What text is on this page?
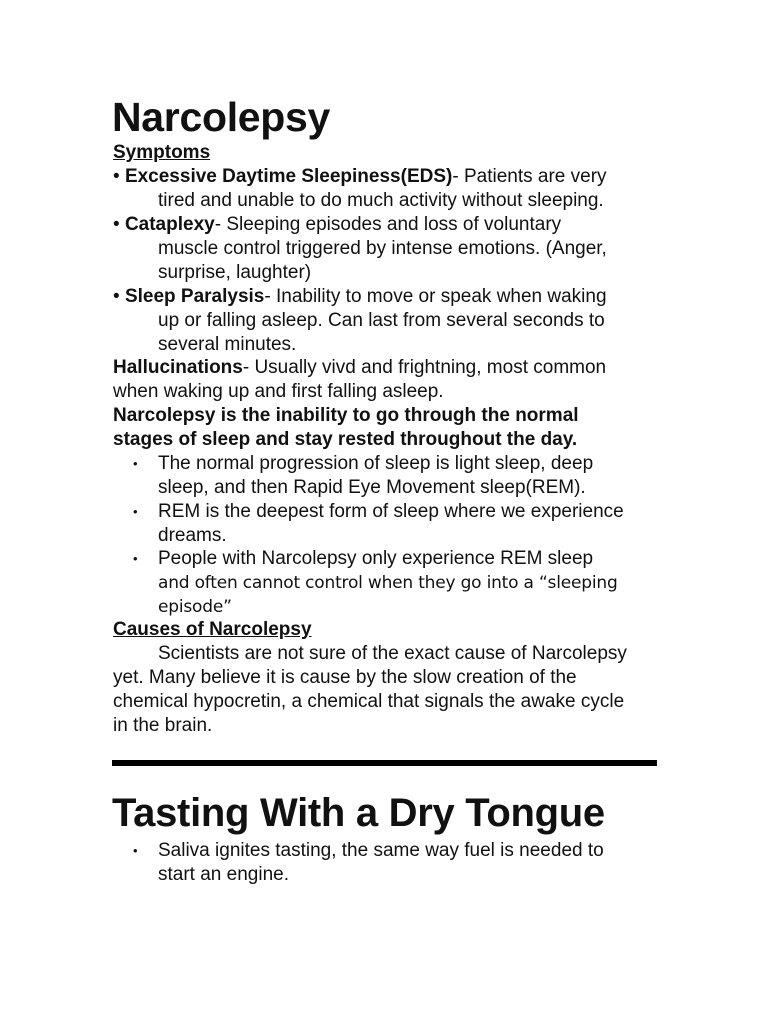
Narcolepsy
Symptoms
• Excessive Daytime Sleepiness(EDS)- Patients are very
tired and unable to do much activity without sleeping.
• Cataplexy- Sleeping episodes and loss of voluntary
muscle control triggered by intense emotions. (Anger,
surprise, laughter)
• Sleep Paralysis- Inability to move or speak when waking
up or falling asleep. Can last from several seconds to
several minutes.
Hallucinations- Usually vivd and frightning, most common
when waking up and first falling asleep.
Narcolepsy is the inability to go through the normal
stages of sleep and stay rested throughout the day.
• The normal progression of sleep is light sleep, deep
sleep, and then Rapid Eye Movement sleep(REM).
• REM is the deepest form of sleep where we experience
dreams.
• People with Narcolepsy only experience REM sleep
and often cannot control when they go into a “sleeping
episode”
Causes of Narcolepsy
Scientists are not sure of the exact cause of Narcolepsy
yet. Many believe it is cause by the slow creation of the
chemical hypocretin, a chemical that signals the awake cycle
in the brain.
Tasting With a Dry Tongue
• Saliva ignites tasting, the same way fuel is needed to
start an engine.
